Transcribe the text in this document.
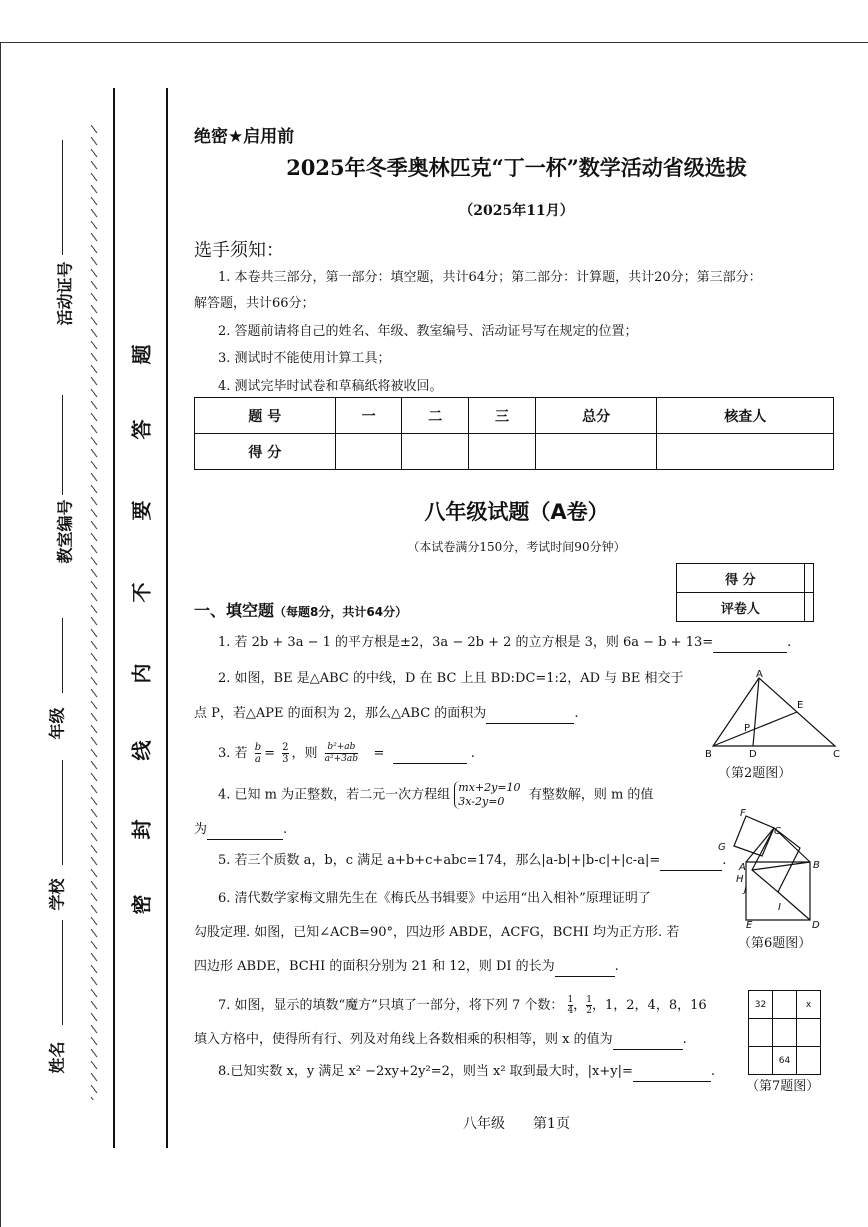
活动证号
教室编号
年级
学校
姓名
题
答
要
不
内
线
封
密
绝密★启用前
2025年冬季奥林匹克“丁一杯”数学活动省级选拔
（2025年11月）
选手须知：
1. 本卷共三部分，第一部分：填空题，共计64分；第二部分：计算题，共计20分；第三部分：
解答题，共计66分；
2. 答题前请将自己的姓名、年级、教室编号、活动证号写在规定的位置；
3. 测试时不能使用计算工具；
4. 测试完毕时试卷和草稿纸将被收回。
题 号	一	二	三	总分	核查人
得 分					
八年级试题（A卷）
（本试卷满分150分，考试时间90分钟）
得 分	
评卷人	
一、填空题（每题8分，共计64分）
1. 若 2b + 3a − 1 的平方根是±2，3a − 2b + 2 的立方根是 3，则 6a − b + 13=	.
2. 如图，BE 是△ABC 的中线，D 在 BC 上且 BD:DC=1:2，AD 与 BE 相交于
点 P，若△APE 的面积为 2，那么△ABC 的面积为	.
3. 若 $\frac{b}{a} = \frac{2}{3}$ ，则 $\frac{\text{b²+ab}}{\text{a²+3ab}}$ =	.
4. 已知 m 为正整数，若二元一次方程组 mx+2y=10
3x-2y=0	有整数解，则 m 的值
为	.
5. 若三个质数 a，b，c 满足 a+b+c+abc=174，那么|a-b|+|b-c|+|c-a|=	.
6. 清代数学家梅文鼎先生在《梅氏丛书辑要》中运用“出入相补”原理证明了
勾股定理. 如图，已知∠ACB=90°，四边形 ABDE，ACFG，BCHI 均为正方形. 若
四边形 ABDE，BCHI 的面积分别为 21 和 12，则 DI 的长为	.
7. 如图，显示的填数“魔方”只填了一部分，将下列 7 个数： $\frac{1}{4}$ ， $\frac{1}{2}$ ，1，2，4，8，16
填入方格中，使得所有行、列及对角线上各数相乘的积相等，则 x 的值为	.
8.已知实数 x，y 满足 x² −2xy+2y²=2，则当 x² 取到最大时，|x+y|=	.
A
B	C
D
E
P
（第2题图）
F
C
G
A	B
H
J
I
E	D
（第6题图）
32		x

	64	
（第7题图）
八年级　　第1页
